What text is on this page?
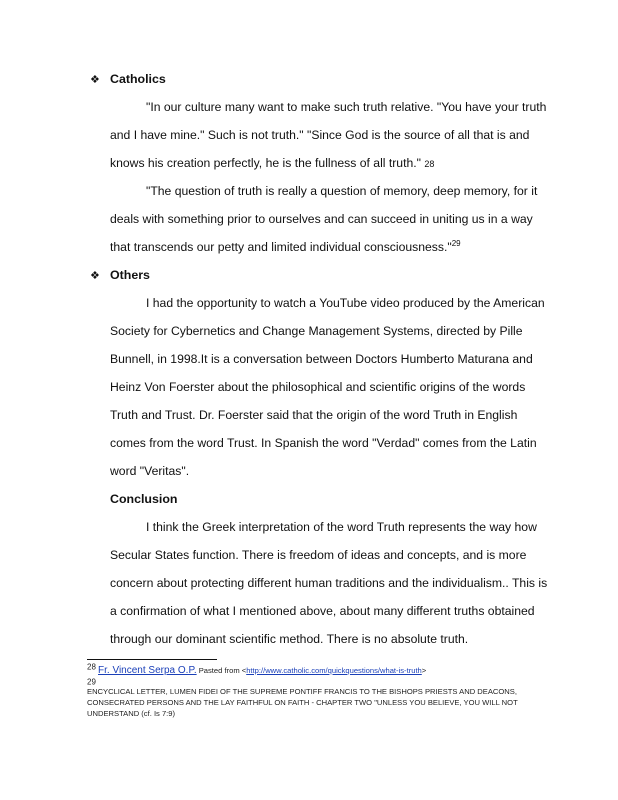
❖ Catholics
"In our culture many want to make such truth relative. "You have your truth
and I have mine." Such is not truth." "Since God is the source of all that is and
knows his creation perfectly, he is the fullness of all truth." 28
"The question of truth is really a question of memory, deep memory, for it
deals with something prior to ourselves and can succeed in uniting us in a way
that transcends our petty and limited individual consciousness."$^{29}$
❖ Others
I had the opportunity to watch a YouTube video produced by the American
Society for Cybernetics and Change Management Systems, directed by Pille
Bunnell, in 1998.It is a conversation between Doctors Humberto Maturana and
Heinz Von Foerster about the philosophical and scientific origins of the words
Truth and Trust. Dr. Foerster said that the origin of the word Truth in English
comes from the word Trust. In Spanish the word "Verdad" comes from the Latin
word "Veritas".
Conclusion
I think the Greek interpretation of the word Truth represents the way how
Secular States function. There is freedom of ideas and concepts, and is more
concern about protecting different human traditions and the individualism.. This is
a confirmation of what I mentioned above, about many different truths obtained
through our dominant scientific method. There is no absolute truth.
28 Fr. Vincent Serpa O.P. Pasted from <http://www.catholic.com/quickquestions/what-is-truth>
29
ENCYCLICAL LETTER, LUMEN FIDEI OF THE SUPREME PONTIFF FRANCIS TO THE BISHOPS PRIESTS AND DEACONS,
CONSECRATED PERSONS AND THE LAY FAITHFUL ON FAITH - CHAPTER TWO "UNLESS YOU BELIEVE, YOU WILL NOT
UNDERSTAND (cf. Is 7:9)
